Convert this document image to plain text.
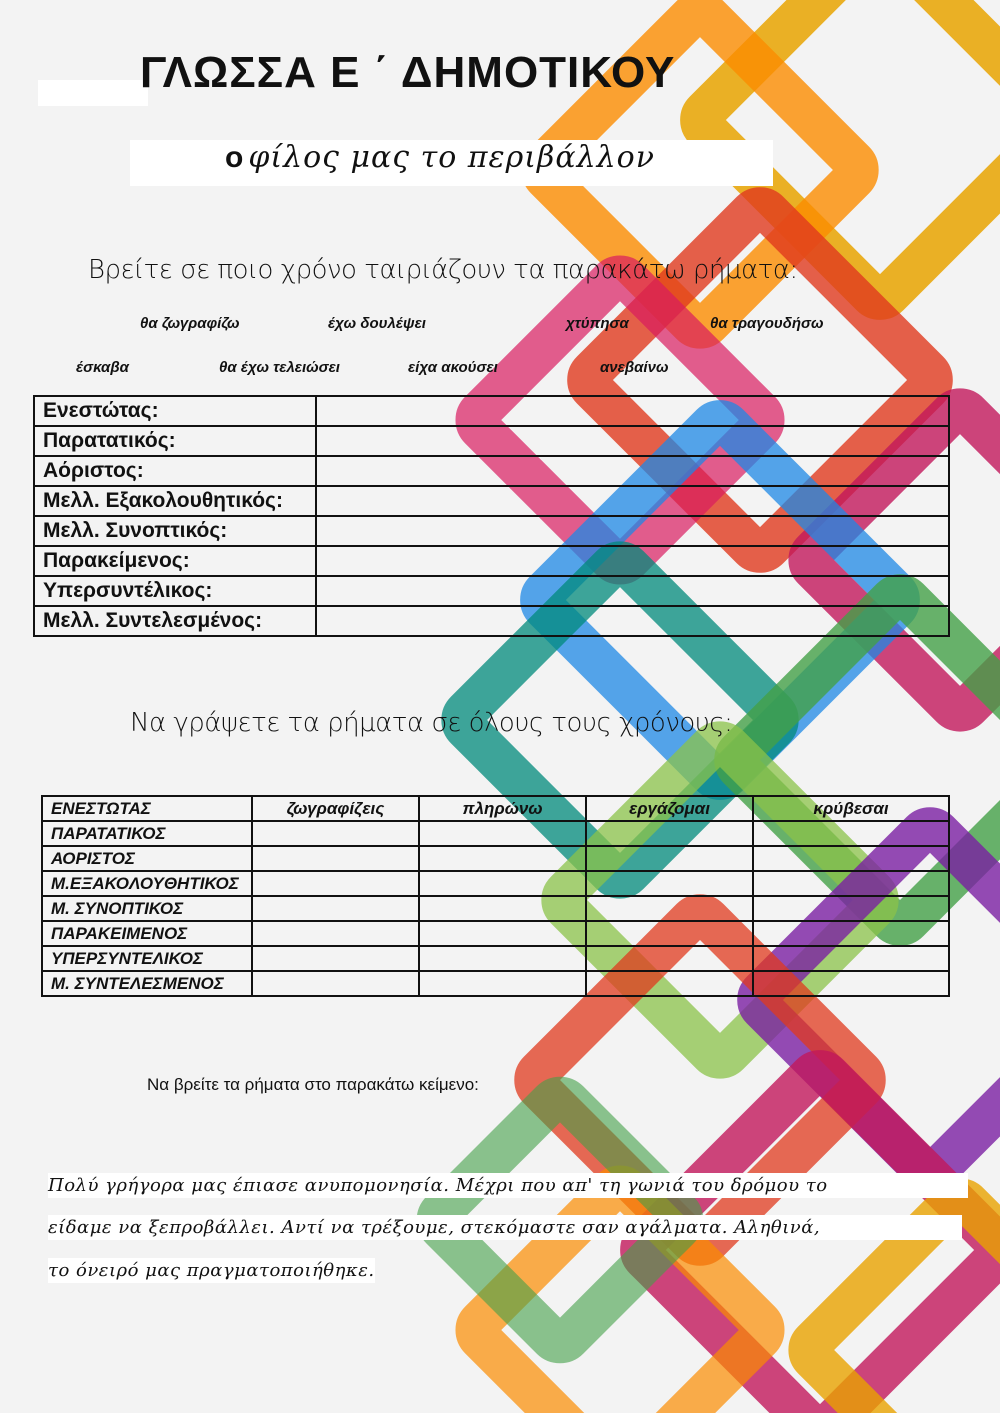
ΓΛΩΣΣΑ Ε ΄ ΔΗΜΟΤΙΚΟΥ
ο φίλος μας το περιβάλλον
Βρείτε σε ποιο χρόνο ταιριάζουν τα παρακάτω ρήματα:
θα ζωγραφίζω	έχω δουλέψει	χτύπησα	θα τραγουδήσω
έσκαβα	θα έχω τελειώσει	είχα ακούσει	ανεβαίνω
Ενεστώτας:	
Παρατατικός:	
Αόριστος:	
Μελλ. Εξακολουθητικός:	
Μελλ. Συνοπτικός:	
Παρακείμενος:	
Υπερσυντέλικος:	
Μελλ. Συντελεσμένος:	
Να γράψετε τα ρήματα σε όλους τους χρόνους:
ΕΝΕΣΤΩΤΑΣ	ζωγραφίζεις	πληρώνω	εργάζομαι	κρύβεσαι
ΠΑΡΑΤΑΤΙΚΟΣ				
ΑΟΡΙΣΤΟΣ				
Μ.ΕΞΑΚΟΛΟΥΘΗΤΙΚΟΣ				
Μ. ΣΥΝΟΠΤΙΚΟΣ				
ΠΑΡΑΚΕΙΜΕΝΟΣ				
ΥΠΕΡΣΥΝΤΕΛΙΚΟΣ				
Μ. ΣΥΝΤΕΛΕΣΜΕΝΟΣ				
Να βρείτε τα ρήματα στο παρακάτω κείμενο:
Πολύ γρήγορα μας έπιασε ανυπομονησία. Μέχρι που απ' τη γωνιά του δρόμου το
είδαμε να ξεπροβάλλει. Αντί να τρέξουμε, στεκόμαστε σαν αγάλματα. Αληθινά,
το όνειρό μας πραγματοποιήθηκε.
